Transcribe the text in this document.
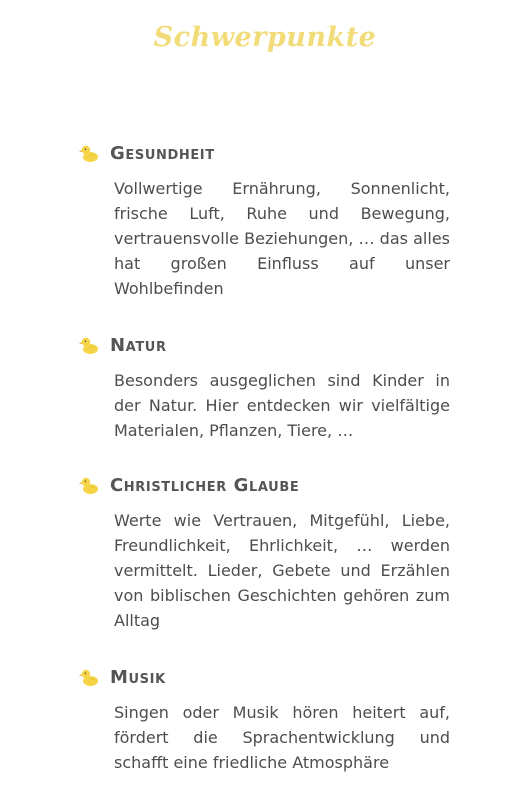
Schwerpunkte
Gesundheit
Vollwertige Ernährung, Sonnenlicht, frische Luft, Ruhe und Bewegung, vertrauensvolle Beziehungen, … das alles hat großen Einfluss auf unser Wohlbefinden
Natur
Besonders ausgeglichen sind Kinder in der Natur. Hier entdecken wir vielfältige Materialen, Pflanzen, Tiere, …
Christlicher Glaube
Werte wie Vertrauen, Mitgefühl, Liebe, Freundlichkeit, Ehrlichkeit, … werden vermittelt. Lieder, Gebete und Erzählen von biblischen Geschichten gehören zum Alltag
Musik
Singen oder Musik hören heitert auf, fördert die Sprachentwicklung und schafft eine friedliche Atmosphäre
